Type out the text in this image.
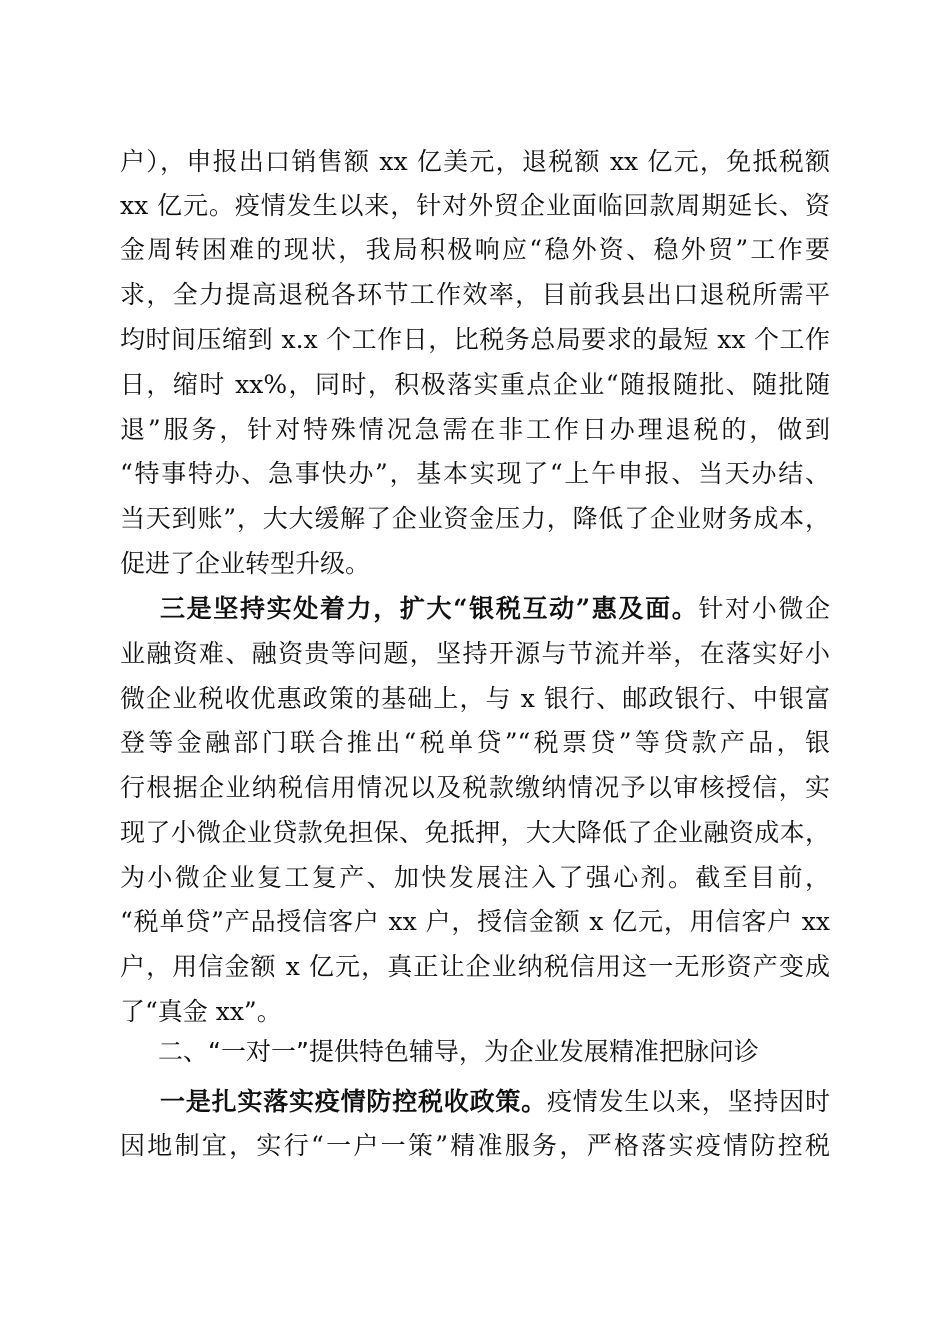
户），申报出口销售额 xx 亿美元，退税额 xx 亿元，免抵税额
xx 亿元。疫情发生以来，针对外贸企业面临回款周期延长、资
金周转困难的现状，我局积极响应“稳外资、稳外贸”工作要
求，全力提高退税各环节工作效率，目前我县出口退税所需平
均时间压缩到 x.x 个工作日，比税务总局要求的最短 xx 个工作
日，缩时 xx%，同时，积极落实重点企业“随报随批、随批随
退”服务，针对特殊情况急需在非工作日办理退税的，做到
“特事特办、急事快办”，基本实现了“上午申报、当天办结、
当天到账”，大大缓解了企业资金压力，降低了企业财务成本，
促进了企业转型升级。
三是坚持实处着力，扩大“银税互动”惠及面。针对小微企
业融资难、融资贵等问题，坚持开源与节流并举，在落实好小
微企业税收优惠政策的基础上，与 x 银行、邮政银行、中银富
登等金融部门联合推出“税单贷”“税票贷”等贷款产品，银
行根据企业纳税信用情况以及税款缴纳情况予以审核授信，实
现了小微企业贷款免担保、免抵押，大大降低了企业融资成本，
为小微企业复工复产、加快发展注入了强心剂。截至目前，
“税单贷”产品授信客户 xx 户，授信金额 x 亿元，用信客户 xx
户，用信金额 x 亿元，真正让企业纳税信用这一无形资产变成
了“真金 xx”。
二、“一对一”提供特色辅导，为企业发展精准把脉问诊
一是扎实落实疫情防控税收政策。疫情发生以来，坚持因时
因地制宜，实行“一户一策”精准服务，严格落实疫情防控税
